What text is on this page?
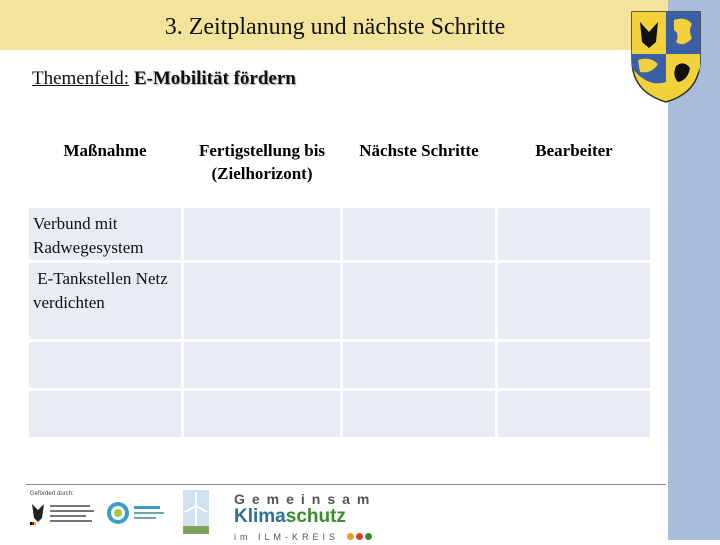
3. Zeitplanung und nächste Schritte
Themenfeld: E-Mobilität fördern
Maßnahme	Fertigstellung bis (Zielhorizont)	Nächste Schritte	Bearbeiter

Verbund mit Radwegesystem			

E-Tankstellen Netz verdichten			

Gefördert durch:	Gemeinsam
Klimaschutz
im ILM-KREIS
